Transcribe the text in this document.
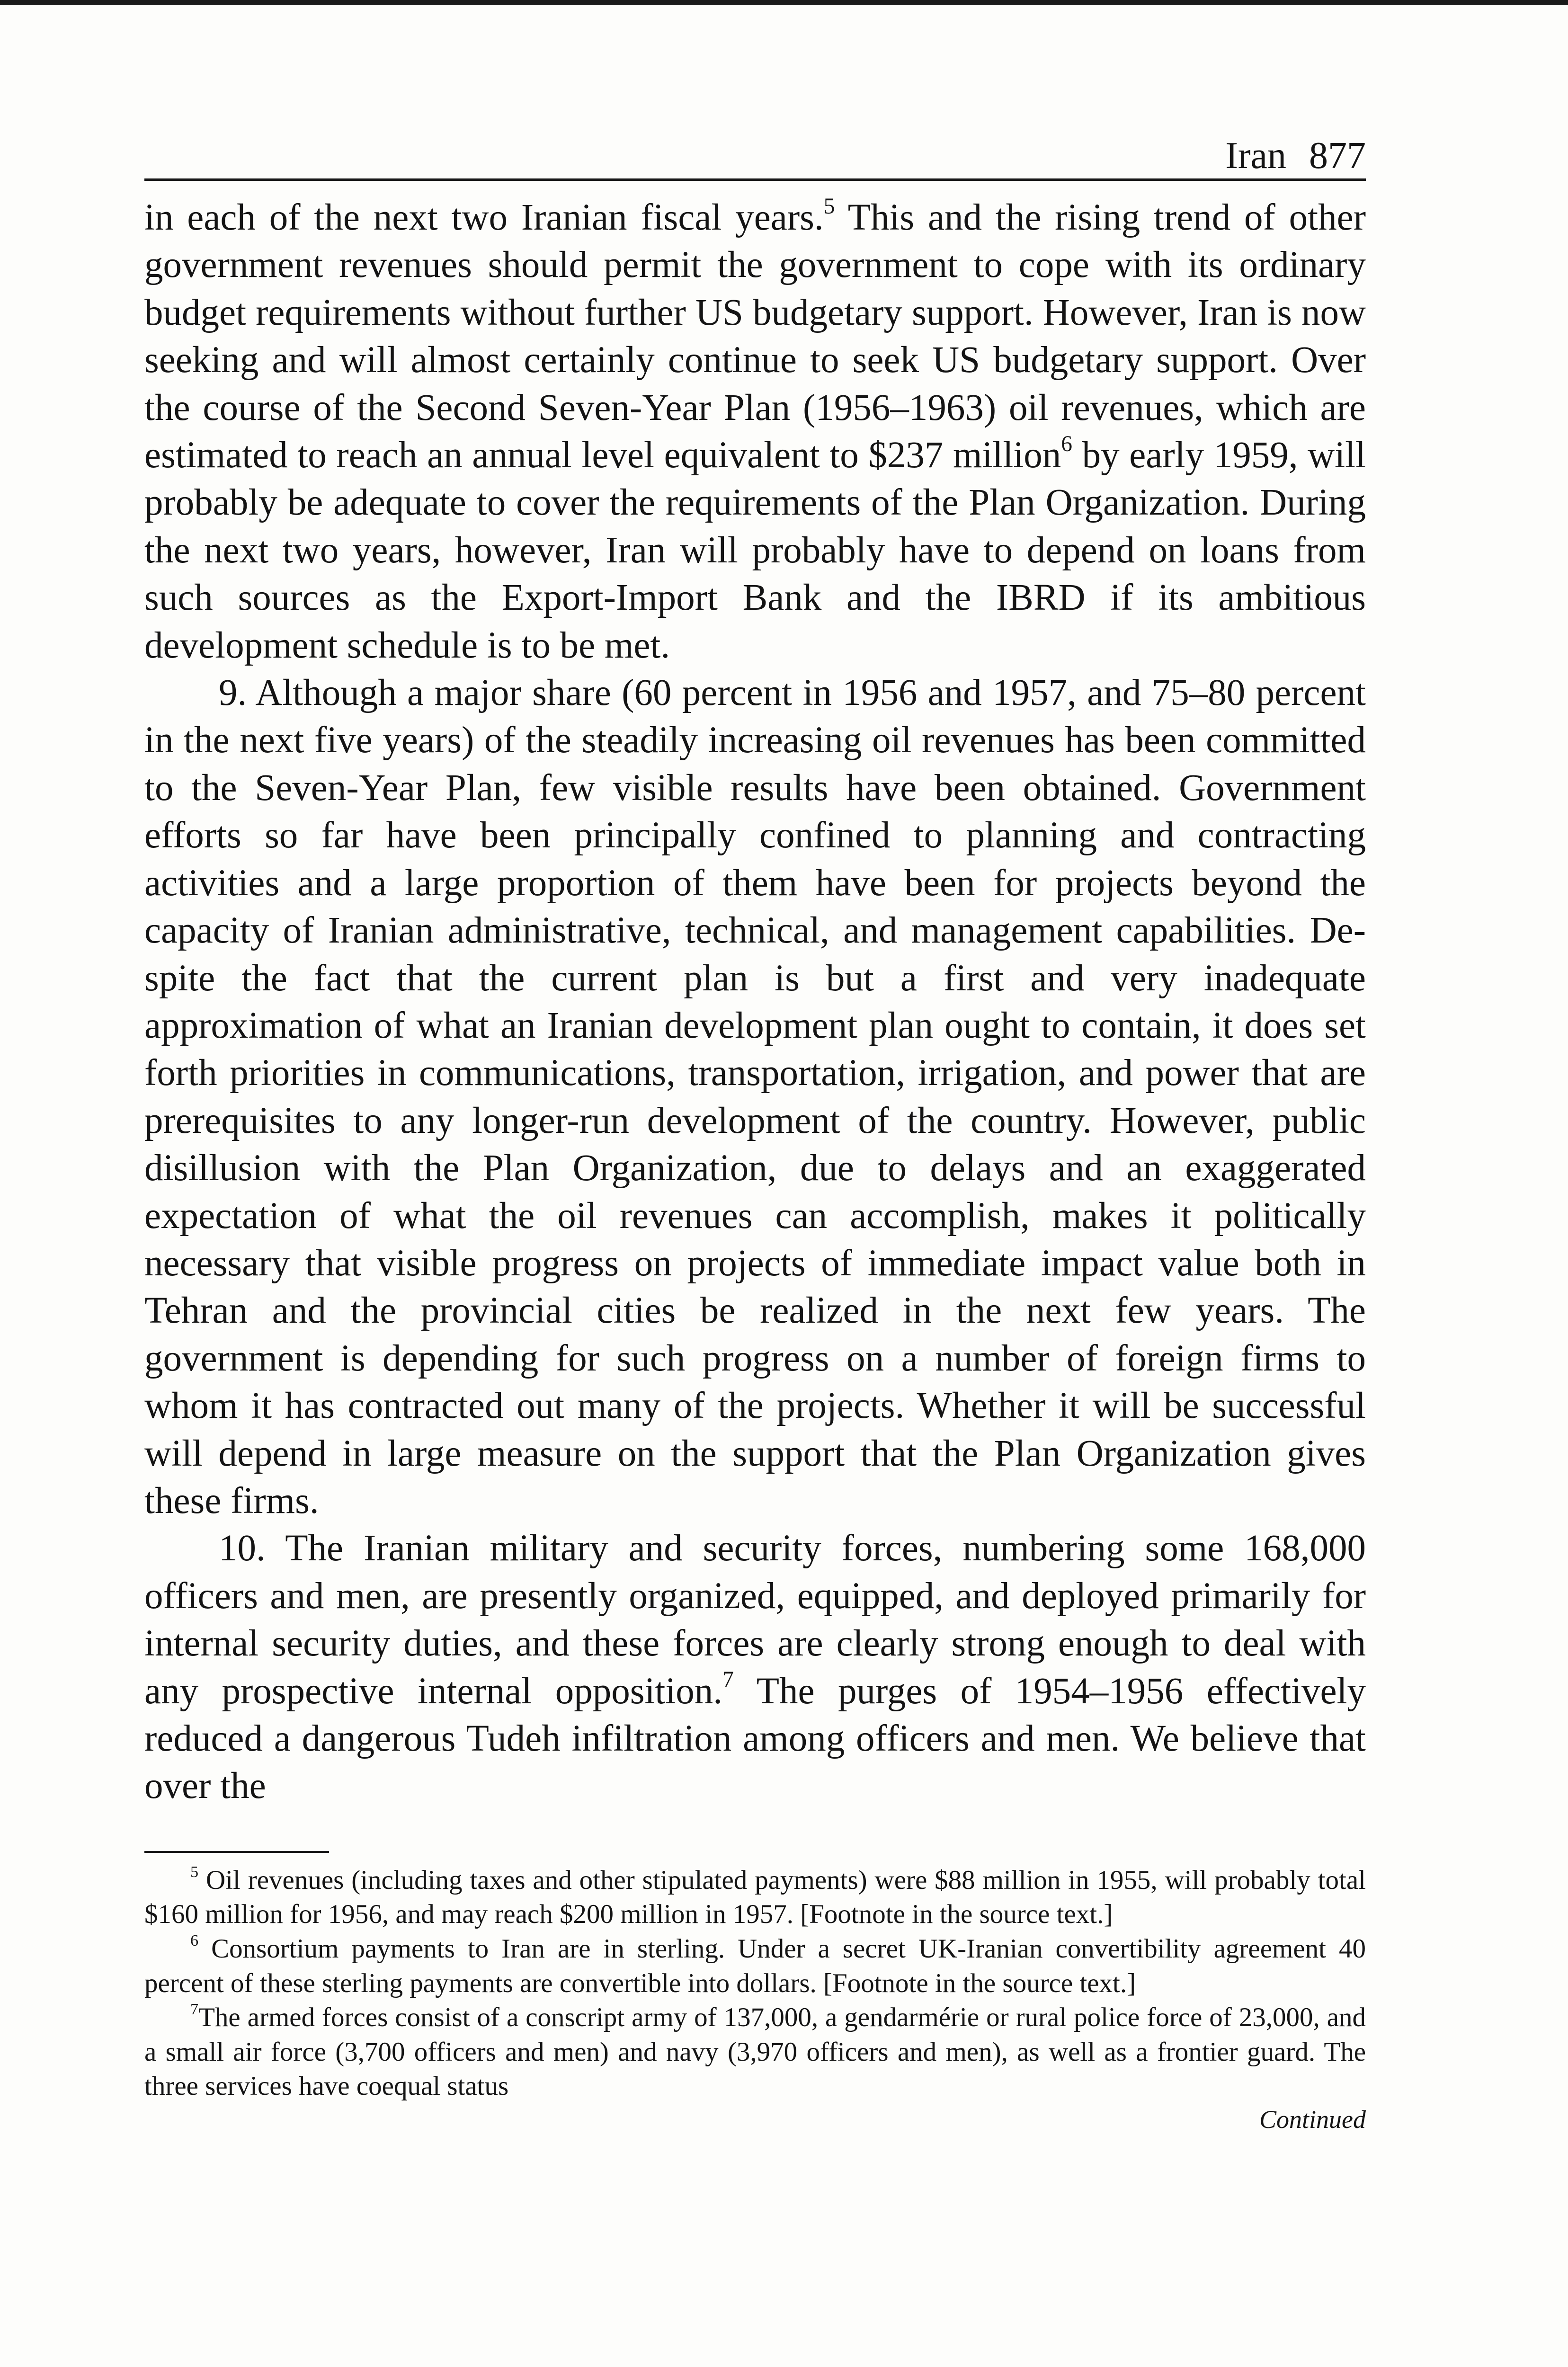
Iran 877

in each of the next two Iranian fiscal years.$^5$ This and the rising trend of other government revenues should permit the government to cope with its ordinary budget requirements without further US budgetary support. However, Iran is now seeking and will almost certainly continue to seek US budgetary support. Over the course of the Second Seven-Year Plan (1956–1963) oil revenues, which are estimated to reach an annual level equivalent to $237 million$^6$ by early 1959, will probably be adequate to cover the requirements of the Plan Organization. During the next two years, however, Iran will probably have to depend on loans from such sources as the Export-Import Bank and the IBRD if its ambitious development schedule is to be met.

9. Although a major share (60 percent in 1956 and 1957, and 75–80 percent in the next five years) of the steadily increasing oil revenues has been committed to the Seven-Year Plan, few visible results have been obtained. Government efforts so far have been principally confined to planning and contracting activities and a large proportion of them have been for projects beyond the capacity of Iranian administrative, technical, and management capabilities. Despite the fact that the current plan is but a first and very inadequate approximation of what an Iranian development plan ought to contain, it does set forth priorities in communications, transportation, irrigation, and power that are prerequisites to any longer-run development of the country. However, public disillusion with the Plan Organization, due to delays and an exaggerated expectation of what the oil revenues can accomplish, makes it politically necessary that visible progress on projects of immediate impact value both in Tehran and the provincial cities be realized in the next few years. The government is depending for such progress on a number of foreign firms to whom it has contracted out many of the projects. Whether it will be successful will depend in large measure on the support that the Plan Organization gives these firms.

10. The Iranian military and security forces, numbering some 168,000 officers and men, are presently organized, equipped, and deployed primarily for internal security duties, and these forces are clearly strong enough to deal with any prospective internal opposition.$^7$ The purges of 1954–1956 effectively reduced a dangerous Tudeh infiltration among officers and men. We believe that over the

$^5$ Oil revenues (including taxes and other stipulated payments) were $88 million in 1955, will probably total $160 million for 1956, and may reach $200 million in 1957. [Footnote in the source text.]

$^6$ Consortium payments to Iran are in sterling. Under a secret UK-Iranian convertibility agreement 40 percent of these sterling payments are convertible into dollars. [Footnote in the source text.]

$^7$The armed forces consist of a conscript army of 137,000, a gendarmérie or rural police force of 23,000, and a small air force (3,700 officers and men) and navy (3,970 officers and men), as well as a frontier guard. The three services have coequal status

Continued
